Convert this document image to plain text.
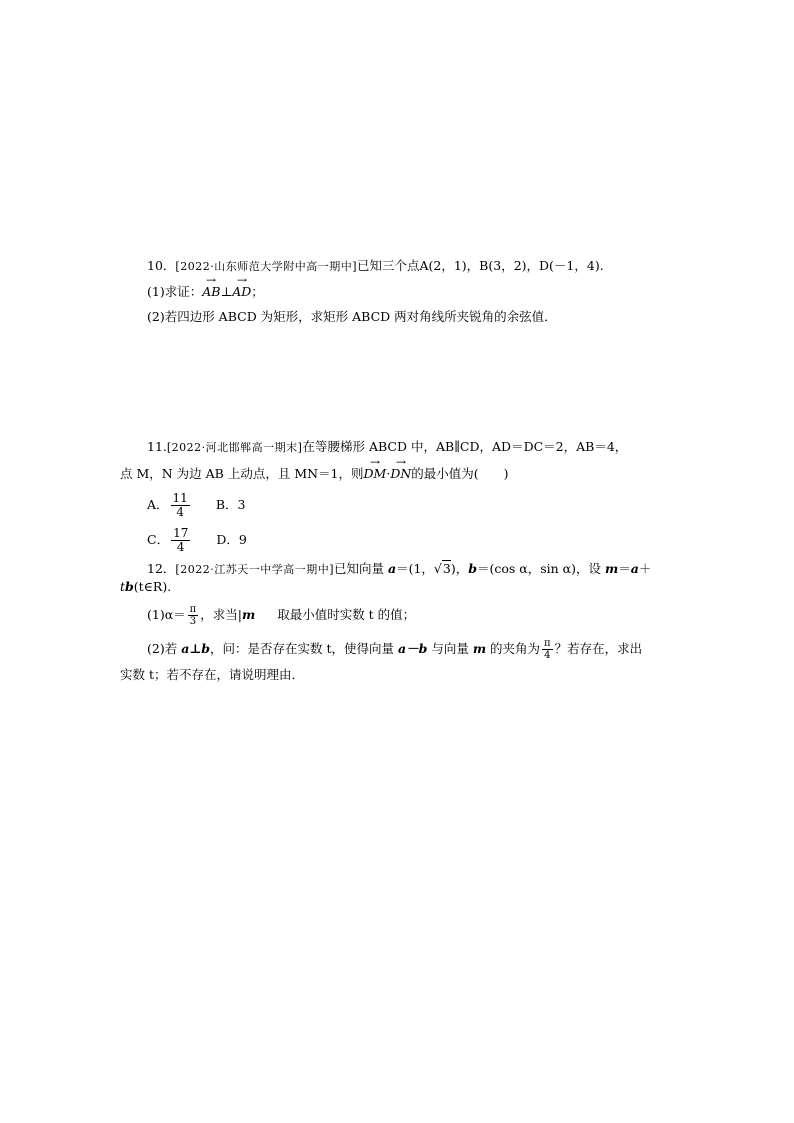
10．[2022·山东师范大学附中高一期中]已知三个点A(2，1)，B(3，2)，D(－1，4).
(1)求证：→ AB⊥→ AD；
(2)若四边形 ABCD 为矩形，求矩形 ABCD 两对角线所夹锐角的余弦值．
11.[2022·河北邯郸高一期末]在等腰梯形 ABCD 中，AB∥CD，AD＝DC＝2，AB＝4，
点 M，N 为边 AB 上动点，且 MN＝1，则→ DM·→ DN的最小值为(　　)
A． $\frac{11}{4}$ B．3
C． $\frac{17}{4}$ D．9
12．[2022·江苏天一中学高一期中]已知向量 a＝(1，√3)，b＝(cos α，sin α)，设 m＝a＋
tb(t∈R).
$(1)\alpha= \frac{\pi}{3}$ ，求当|m 取最小值时实数 t 的值；
(2)若 a⊥b，问：是否存在实数 t，使得向量 a－b 与向量 m 的夹角为 $\frac{\pi}{4}$ ？若存在，求出
实数 t；若不存在，请说明理由．
